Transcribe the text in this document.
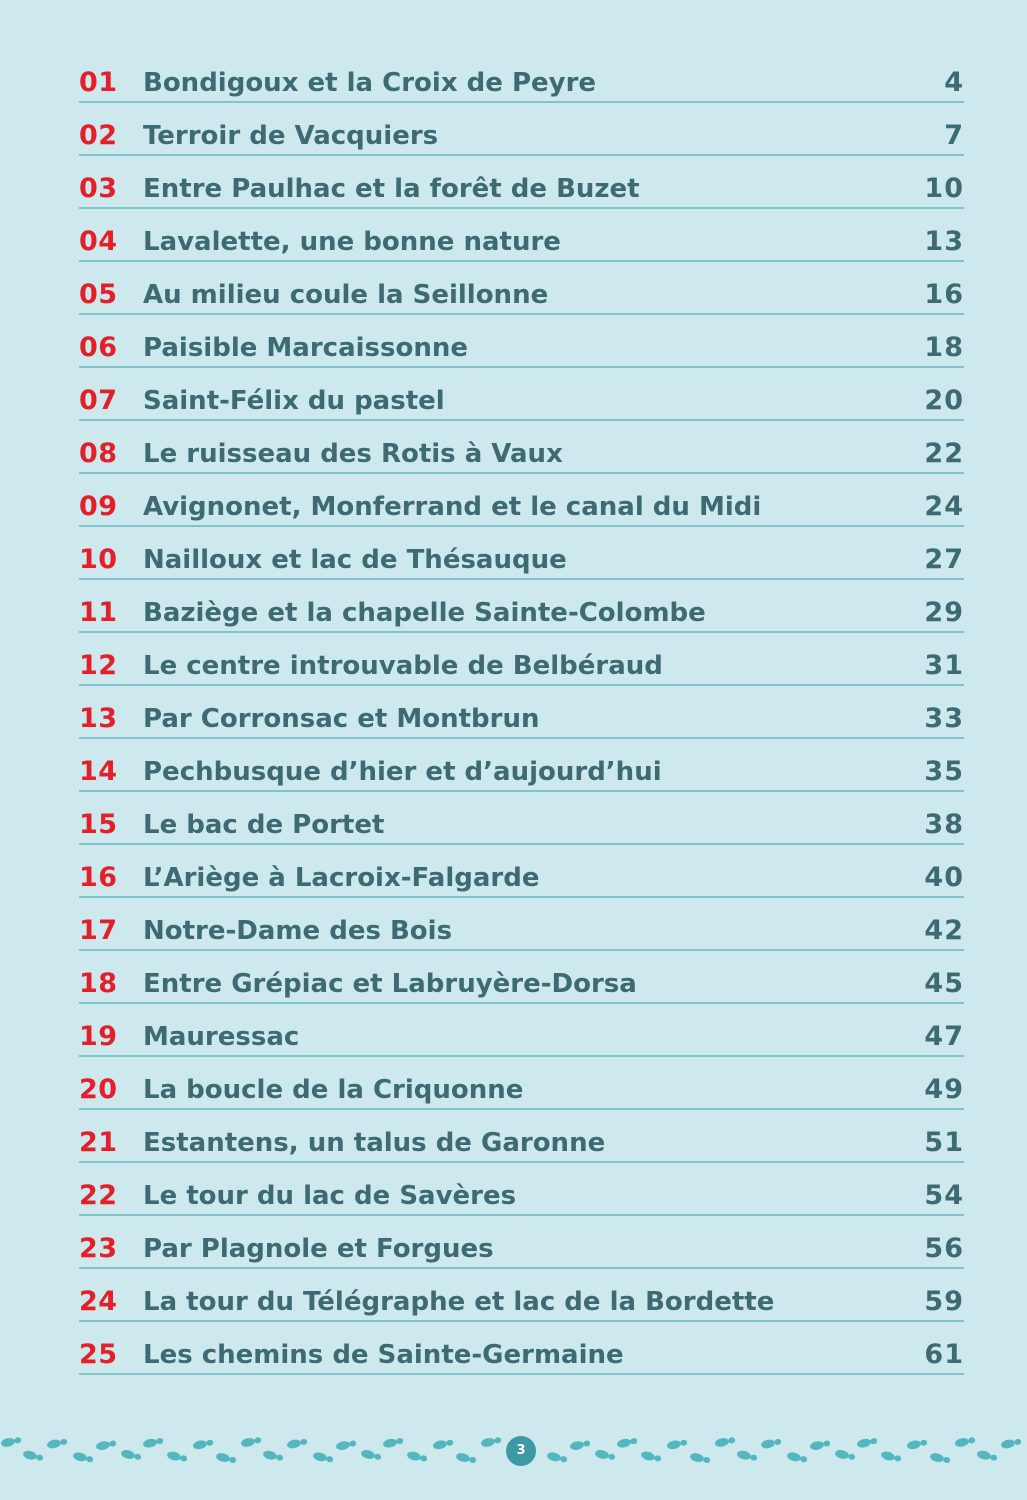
01 Bondigoux et la Croix de Peyre	4
02 Terroir de Vacquiers	7
03 Entre Paulhac et la forêt de Buzet	10
04 Lavalette, une bonne nature	13
05 Au milieu coule la Seillonne	16
06 Paisible Marcaissonne	18
07 Saint-Félix du pastel	20
08 Le ruisseau des Rotis à Vaux	22
09 Avignonet, Monferrand et le canal du Midi	24
10 Nailloux et lac de Thésauque	27
11 Baziège et la chapelle Sainte-Colombe	29
12 Le centre introuvable de Belbéraud	31
13 Par Corronsac et Montbrun	33
14 Pechbusque d’hier et d’aujourd’hui	35
15 Le bac de Portet	38
16 L’Ariège à Lacroix-Falgarde	40
17 Notre-Dame des Bois	42
18 Entre Grépiac et Labruyère-Dorsa	45
19 Mauressac	47
20 La boucle de la Criquonne	49
21 Estantens, un talus de Garonne	51
22 Le tour du lac de Savères	54
23 Par Plagnole et Forgues	56
24 La tour du Télégraphe et lac de la Bordette	59
25 Les chemins de Sainte-Germaine	61
3
